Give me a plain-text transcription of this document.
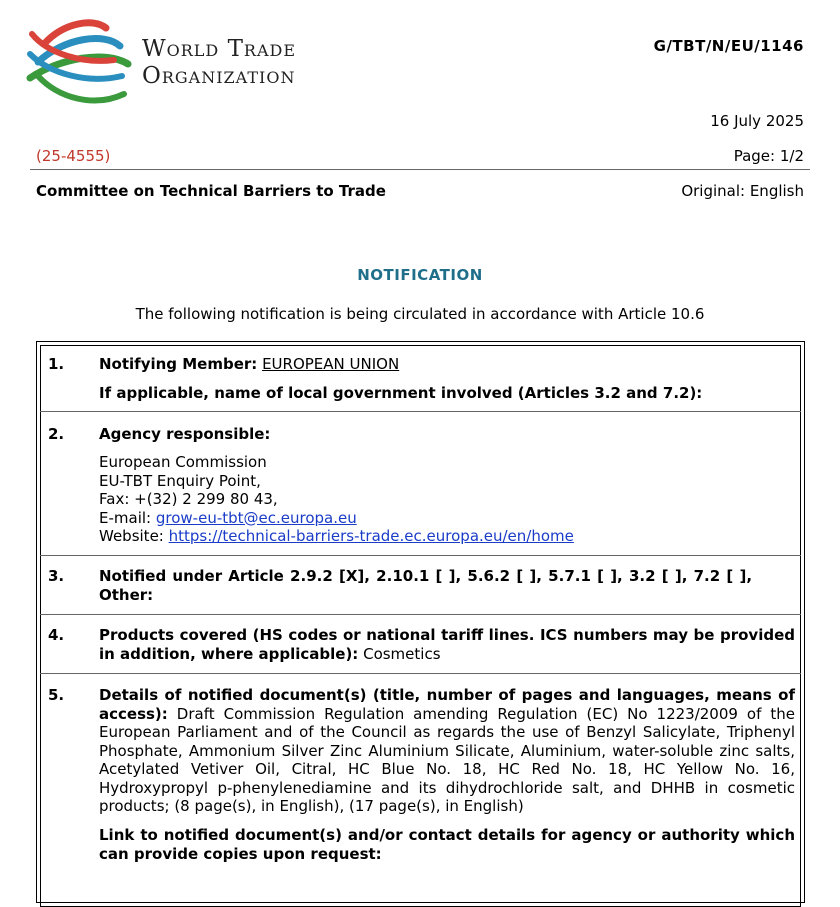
World Trade
Organization
G/TBT/N/EU/1146
16 July 2025
(25-4555)	Page: 1/2
Committee on Technical Barriers to Trade	Original: English
NOTIFICATION
The following notification is being circulated in accordance with Article 10.6
1. Notifying Member: EUROPEAN UNION
If applicable, name of local government involved (Articles 3.2 and 7.2):
2. Agency responsible:
European Commission
EU-TBT Enquiry Point,
Fax: +(32) 2 299 80 43,
E-mail: grow-eu-tbt@ec.europa.eu
Website: https://technical-barriers-trade.ec.europa.eu/en/home
3. Notified under Article 2.9.2 [X], 2.10.1 [ ], 5.6.2 [ ], 5.7.1 [ ], 3.2 [ ], 7.2 [ ],
Other:
4. Products covered (HS codes or national tariff lines. ICS numbers may be provided in addition, where applicable): Cosmetics
5. Details of notified document(s) (title, number of pages and languages, means of access): Draft Commission Regulation amending Regulation (EC) No 1223/2009 of the European Parliament and of the Council as regards the use of Benzyl Salicylate, Triphenyl Phosphate, Ammonium Silver Zinc Aluminium Silicate, Aluminium, water-soluble zinc salts, Acetylated Vetiver Oil, Citral, HC Blue No. 18, HC Red No. 18, HC Yellow No. 16, Hydroxypropyl p-phenylenediamine and its dihydrochloride salt, and DHHB in cosmetic products; (8 page(s), in English), (17 page(s), in English)
Link to notified document(s) and/or contact details for agency or authority which can provide copies upon request:
